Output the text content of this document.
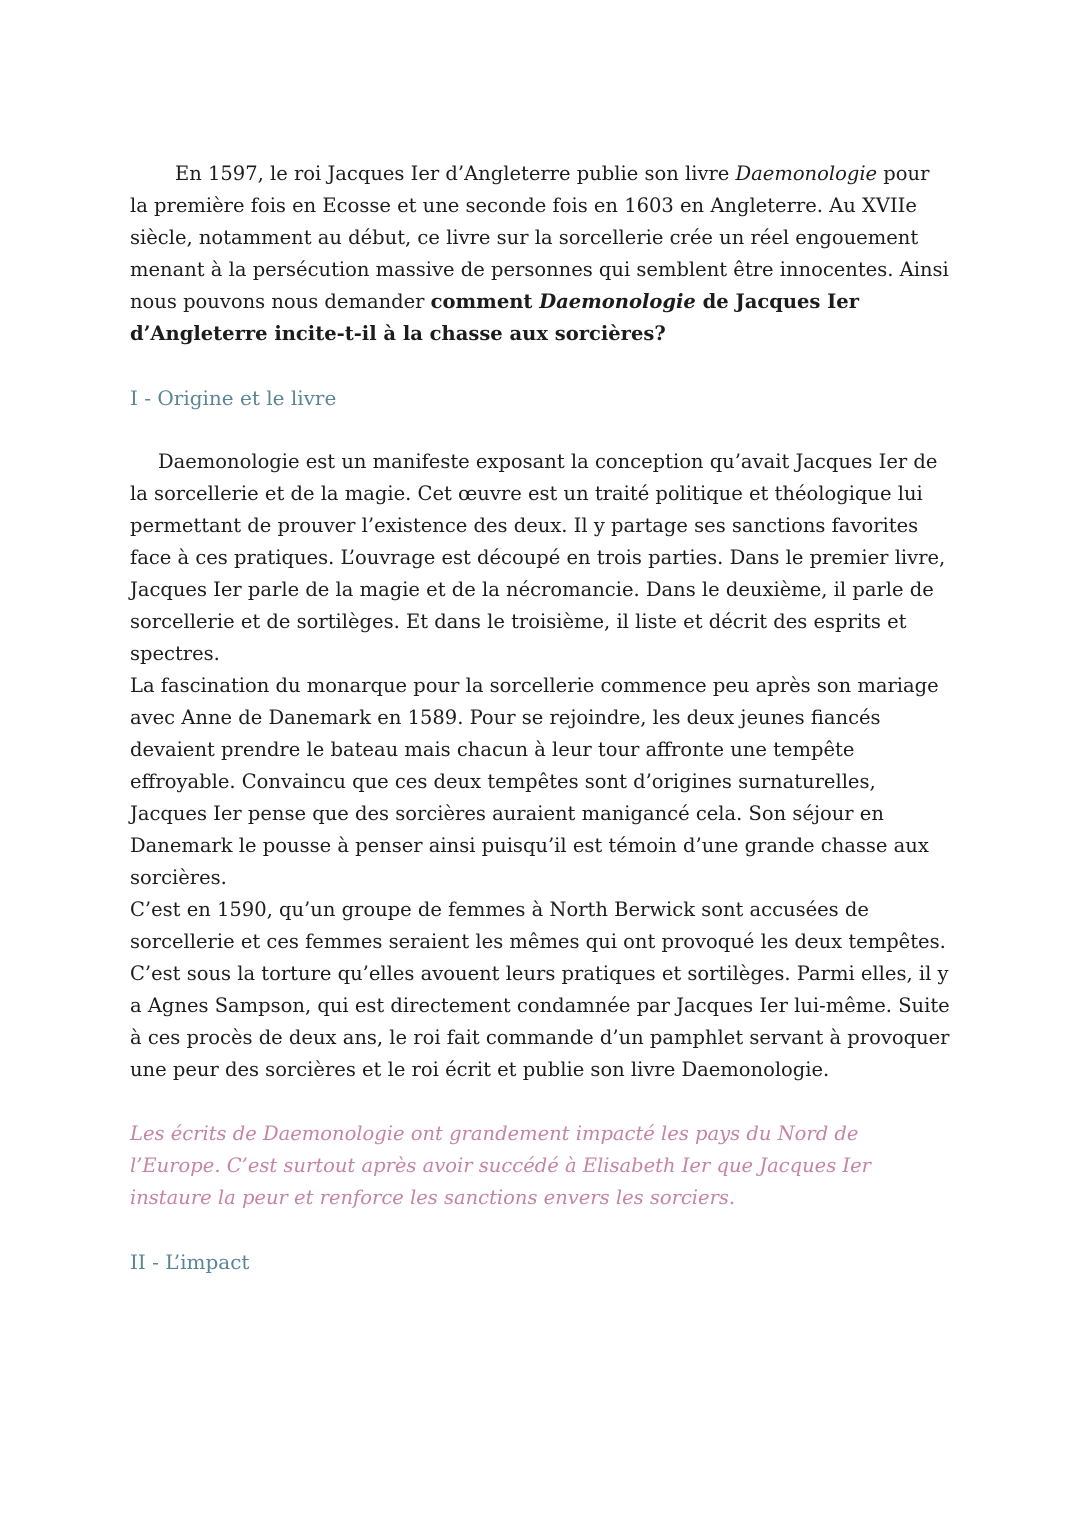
En 1597, le roi Jacques Ier d’Angleterre publie son livre Daemonologie pour la première fois en Ecosse et une seconde fois en 1603 en Angleterre. Au XVIIe siècle, notamment au début, ce livre sur la sorcellerie crée un réel engouement menant à la persécution massive de personnes qui semblent être innocentes. Ainsi nous pouvons nous demander comment Daemonologie de Jacques Ier d’Angleterre incite-t-il à la chasse aux sorcières?

I - Origine et le livre

Daemonologie est un manifeste exposant la conception qu’avait Jacques Ier de la sorcellerie et de la magie. Cet œuvre est un traité politique et théologique lui permettant de prouver l’existence des deux. Il y partage ses sanctions favorites face à ces pratiques. L’ouvrage est découpé en trois parties. Dans le premier livre, Jacques Ier parle de la magie et de la nécromancie. Dans le deuxième, il parle de sorcellerie et de sortilèges. Et dans le troisième, il liste et décrit des esprits et spectres.

La fascination du monarque pour la sorcellerie commence peu après son mariage avec Anne de Danemark en 1589. Pour se rejoindre, les deux jeunes fiancés devaient prendre le bateau mais chacun à leur tour affronte une tempête effroyable. Convaincu que ces deux tempêtes sont d’origines surnaturelles, Jacques Ier pense que des sorcières auraient manigancé cela. Son séjour en Danemark le pousse à penser ainsi puisqu’il est témoin d’une grande chasse aux sorcières.

C’est en 1590, qu’un groupe de femmes à North Berwick sont accusées de sorcellerie et ces femmes seraient les mêmes qui ont provoqué les deux tempêtes. C’est sous la torture qu’elles avouent leurs pratiques et sortilèges. Parmi elles, il y a Agnes Sampson, qui est directement condamnée par Jacques Ier lui-même. Suite à ces procès de deux ans, le roi fait commande d’un pamphlet servant à provoquer une peur des sorcières et le roi écrit et publie son livre Daemonologie.

Les écrits de Daemonologie ont grandement impacté les pays du Nord de l’Europe. C’est surtout après avoir succédé à Elisabeth Ier que Jacques Ier instaure la peur et renforce les sanctions envers les sorciers.

II - L’impact
